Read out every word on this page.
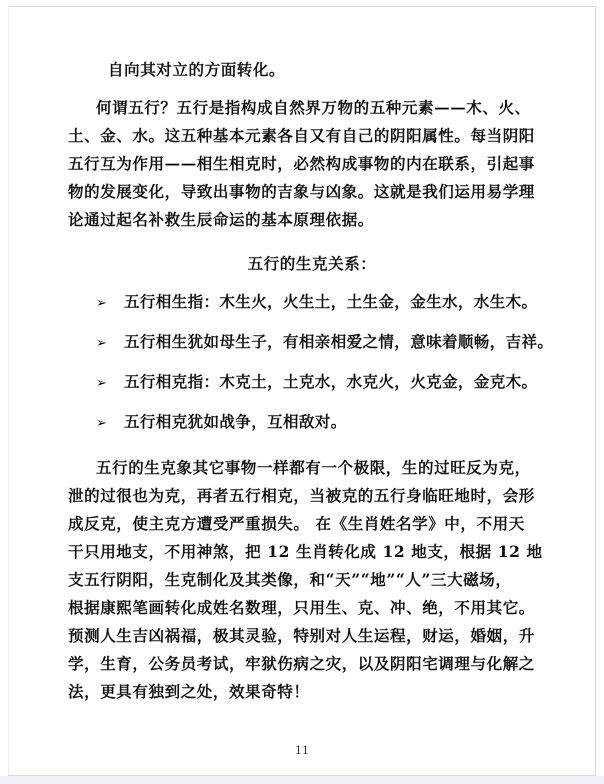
自向其对立的方面转化。
何谓五行？五行是指构成自然界万物的五种元素——木、火、
土、金、水。这五种基本元素各自又有自己的阴阳属性。每当阴阳
五行互为作用——相生相克时，必然构成事物的内在联系，引起事
物的发展变化，导致出事物的吉象与凶象。这就是我们运用易学理
论通过起名补救生辰命运的基本原理依据。
五行的生克关系：
➢ 五行相生指：木生火，火生土，土生金，金生水，水生木。
➢ 五行相生犹如母生子，有相亲相爱之情，意味着顺畅，吉祥。
➢ 五行相克指：木克土，土克水，水克火，火克金，金克木。
➢ 五行相克犹如战争，互相敌对。
五行的生克象其它事物一样都有一个极限，生的过旺反为克，
泄的过很也为克，再者五行相克，当被克的五行身临旺地时，会形
成反克，使主克方遭受严重损失。 在《生肖姓名学》中，不用天
干只用地支，不用神煞，把 12 生肖转化成 12 地支，根据 12 地
支五行阴阳，生克制化及其类像，和“天”“地”“人”三大磁场，
根据康熙笔画转化成姓名数理，只用生、克、冲、绝，不用其它。
预测人生吉凶祸福，极其灵验，特别对人生运程，财运，婚姻，升
学，生育，公务员考试，牢狱伤病之灾，以及阴阳宅调理与化解之
法，更具有独到之处，效果奇特！
11
